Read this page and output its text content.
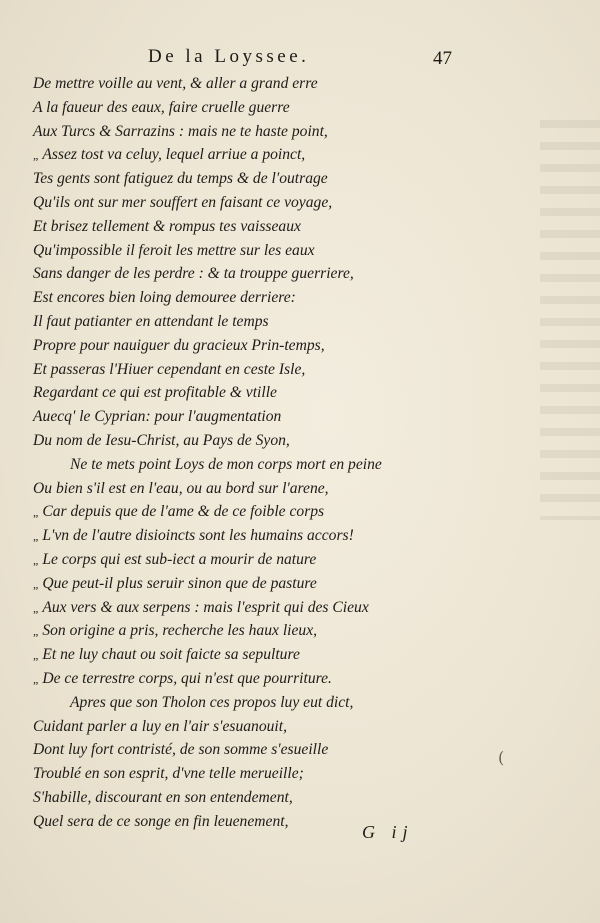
De la Loyssee.	47
De mettre voille au vent, & aller a grand erre
A la faueur des eaux, faire cruelle guerre
Aux Turcs & Sarrazins : mais ne te haste point,
„ Assez tost va celuy, lequel arriue a poinct,
Tes gents sont fatiguez du temps & de l'outrage
Qu'ils ont sur mer souffert en faisant ce voyage,
Et brisez tellement & rompus tes vaisseaux
Qu'impossible il feroit les mettre sur les eaux
Sans danger de les perdre : & ta trouppe guerriere,
Est encores bien loing demouree derriere:
Il faut patianter en attendant le temps
Propre pour nauiguer du gracieux Prin-temps,
Et passeras l'Hiuer cependant en ceste Isle,
Regardant ce qui est profitable & vtille
Auecq' le Cyprian: pour l'augmentation
Du nom de Iesu-Christ, au Pays de Syon,
Ne te mets point Loys de mon corps mort en peine
Ou bien s'il est en l'eau, ou au bord sur l'arene,
„ Car depuis que de l'ame & de ce foible corps
„ L'vn de l'autre disioincts sont les humains accors!
„ Le corps qui est sub-iect a mourir de nature
„ Que peut-il plus seruir sinon que de pasture
„ Aux vers & aux serpens : mais l'esprit qui des Cieux
„ Son origine a pris, recherche les haux lieux,
„ Et ne luy chaut ou soit faicte sa sepulture
„ De ce terrestre corps, qui n'est que pourriture.
Apres que son Tholon ces propos luy eut dict,
Cuidant parler a luy en l'air s'esuanouit,
Dont luy fort contristé, de son somme s'esueille
Troublé en son esprit, d'vne telle merueille;
S'habille, discourant en son entendement,
Quel sera de ce songe en fin leuenement,
G ij
(
